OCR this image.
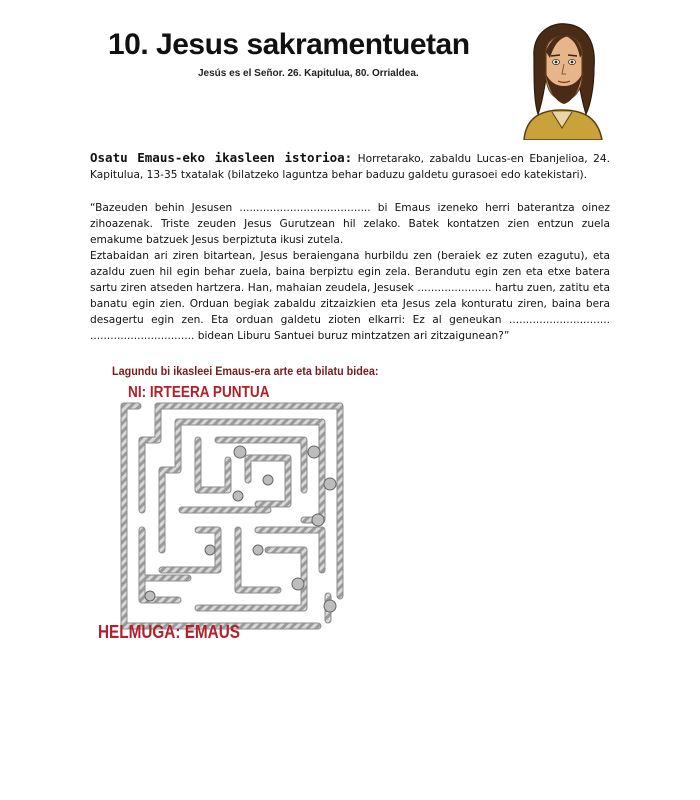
10. Jesus sakramentuetan
Jesús es el Señor. 26. Kapitulua, 80. Orrialdea.
Osatu Emaus-eko ikasleen istorioa: Horretarako, zabaldu Lucas-en Ebanjelioa, 24. Kapitulua, 13-35 txatalak (bilatzeko laguntza behar baduzu galdetu gurasoei edo katekistari).

“Bazeuden behin Jesusen ....................................... bi Emaus izeneko herri baterantza oinez zihoazenak. Triste zeuden Jesus Gurutzean hil zelako. Batek kontatzen zien entzun zuela emakume batzuek Jesus berpiztuta ikusi zutela.

Eztabaidan ari ziren bitartean, Jesus beraiengana hurbildu zen (beraiek ez zuten ezagutu), eta azaldu zuen hil egin behar zuela, baina berpiztu egin zela. Berandutu egin zen eta etxe batera sartu ziren atseden hartzera. Han, mahaian zeudela, Jesusek ...................... hartu zuen, zatitu eta banatu egin zien. Orduan begiak zabaldu zitzaizkien eta Jesus zela konturatu ziren, baina bera desagertu egin zen. Eta orduan galdetu zioten elkarri: Ez al geneukan .............................. ............................... bidean Liburu Santuei buruz mintzatzen ari zitzaigunean?”

Lagundu bi ikasleei Emaus-era arte eta bilatu bidea:
NI: IRTEERA PUNTUA
HELMUGA: EMAUS
